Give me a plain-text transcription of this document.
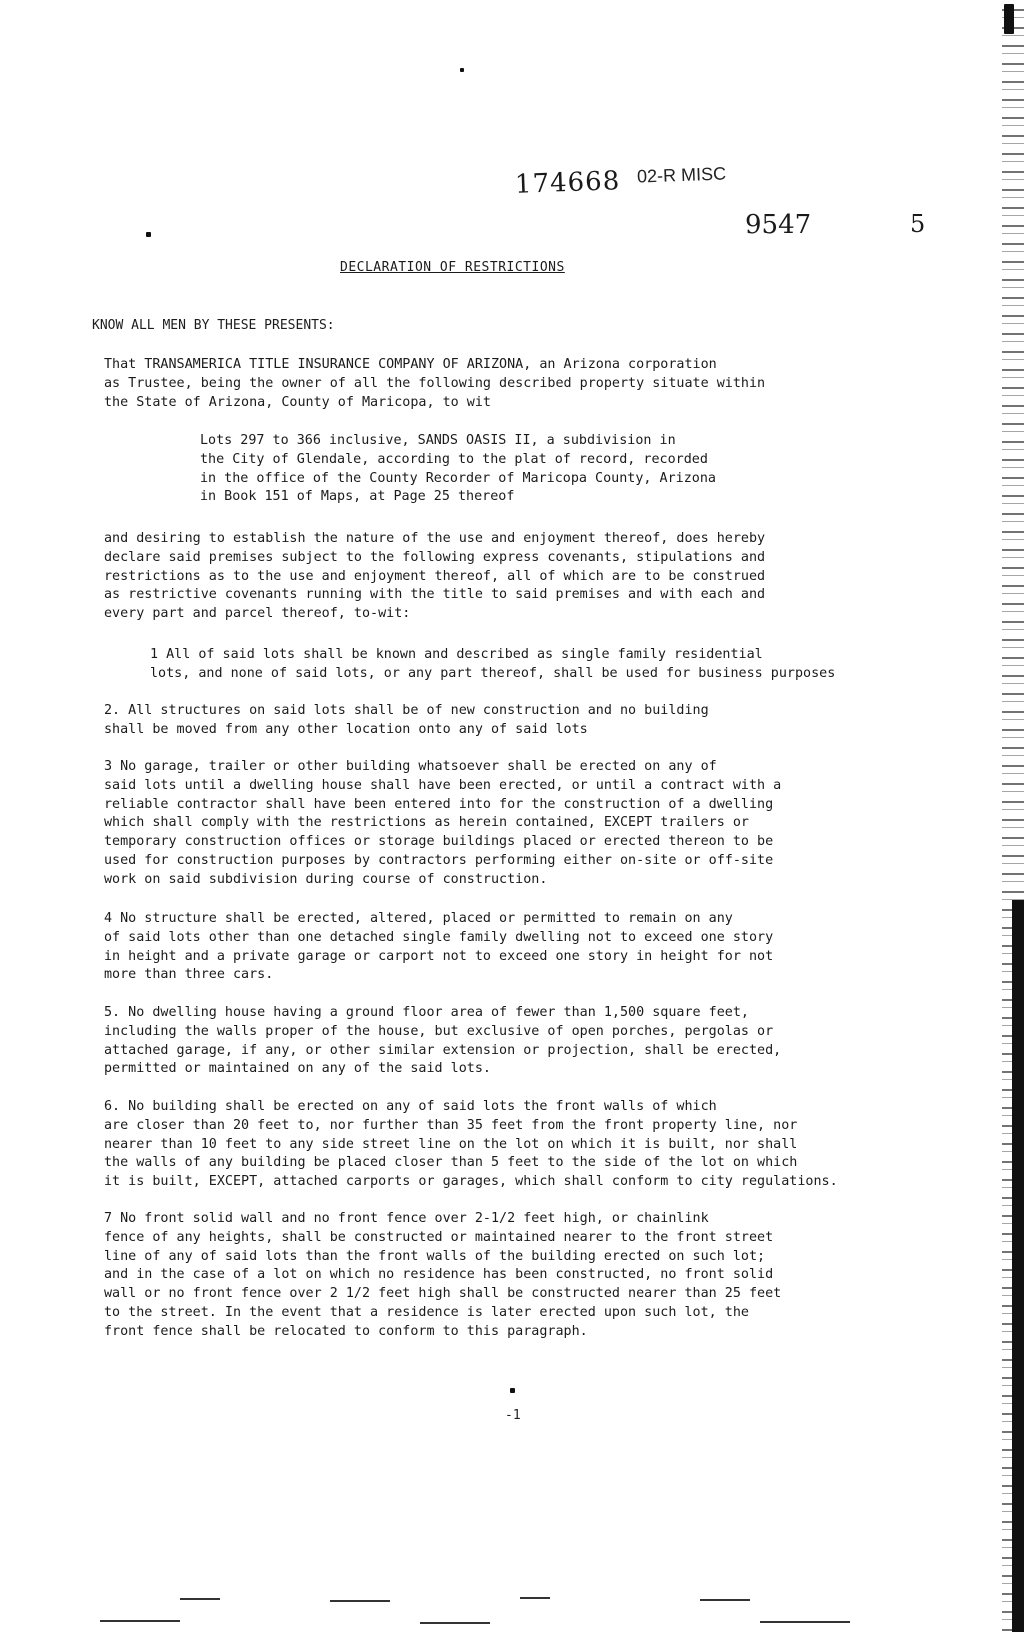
174668 02-R MISC
9547	5
DECLARATION OF RESTRICTIONS
KNOW ALL MEN BY THESE PRESENTS:

That TRANSAMERICA TITLE INSURANCE COMPANY OF ARIZONA, an Arizona corporation
as Trustee, being the owner of all the following described property situate within
the State of Arizona, County of Maricopa, to wit

Lots 297 to 366 inclusive, SANDS OASIS II, a subdivision in
the City of Glendale, according to the plat of record, recorded
in the office of the County Recorder of Maricopa County, Arizona
in Book 151 of Maps, at Page 25 thereof

and desiring to establish the nature of the use and enjoyment thereof, does hereby
declare said premises subject to the following express covenants, stipulations and
restrictions as to the use and enjoyment thereof, all of which are to be construed
as restrictive covenants running with the title to said premises and with each and
every part and parcel thereof, to-wit:

1 All of said lots shall be known and described as single family residential
lots, and none of said lots, or any part thereof, shall be used for business purposes

2. All structures on said lots shall be of new construction and no building
shall be moved from any other location onto any of said lots

3 No garage, trailer or other building whatsoever shall be erected on any of
said lots until a dwelling house shall have been erected, or until a contract with a
reliable contractor shall have been entered into for the construction of a dwelling
which shall comply with the restrictions as herein contained, EXCEPT trailers or
temporary construction offices or storage buildings placed or erected thereon to be
used for construction purposes by contractors performing either on-site or off-site
work on said subdivision during course of construction.

4 No structure shall be erected, altered, placed or permitted to remain on any
of said lots other than one detached single family dwelling not to exceed one story
in height and a private garage or carport not to exceed one story in height for not
more than three cars.

5. No dwelling house having a ground floor area of fewer than 1,500 square feet,
including the walls proper of the house, but exclusive of open porches, pergolas or
attached garage, if any, or other similar extension or projection, shall be erected,
permitted or maintained on any of the said lots.

6. No building shall be erected on any of said lots the front walls of which
are closer than 20 feet to, nor further than 35 feet from the front property line, nor
nearer than 10 feet to any side street line on the lot on which it is built, nor shall
the walls of any building be placed closer than 5 feet to the side of the lot on which
it is built, EXCEPT, attached carports or garages, which shall conform to city regulations.

7 No front solid wall and no front fence over 2-1/2 feet high, or chainlink
fence of any heights, shall be constructed or maintained nearer to the front street
line of any of said lots than the front walls of the building erected on such lot;
and in the case of a lot on which no residence has been constructed, no front solid
wall or no front fence over 2 1/2 feet high shall be constructed nearer than 25 feet
to the street. In the event that a residence is later erected upon such lot, the
front fence shall be relocated to conform to this paragraph.

-1
